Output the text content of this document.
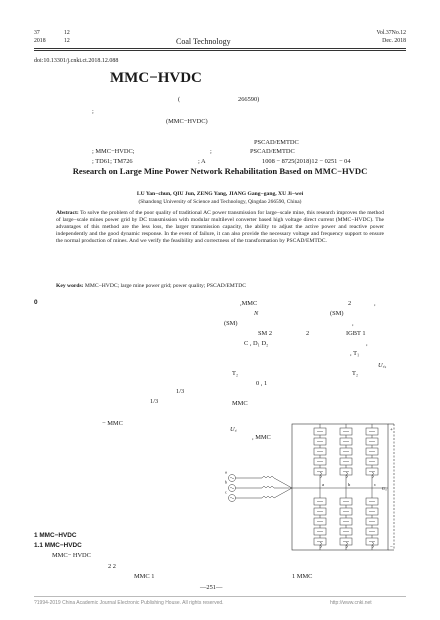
37	12
2018	12	Coal Technology
Vol.37No.12
Dec. 2018
doi:10.13301/j.cnki.ct.2018.12.088
MMC−HVDC
(	266590)
;
(MMC−HVDC)
PSCAD/EMTDC
; MMC−HVDC;	;	PSCAD/EMTDC
; TD61; TM726	; A	1008 − 8725(2018)12 − 0251 − 04

Research on Large Mine Power Network Rehabilitation Based on MMC−HVDC

LU Yan−chun, QIU Jun, ZENG Yang, JIANG Gang−gang, XU Ji−wei
(Shandong University of Science and Technology, Qingdao 266590, China)

Abstract: To solve the problem of the poor quality of traditional AC power transmission for large−scale mine, this research improves the method of large−scale mines power grid by DC transmission with modular multilevel converter based high voltage direct current (MMC−HVDC). The advantages of this method are the less loss, the larger transmission capacity, the ability to adjust the active power and reactive power independently and the good dynamic response. In the event of failure, it can also provide the necessary voltage and frequency support to ensure the normal production of mines. And we verify the feasibility and correctness of the transformation by PSCAD/EMTDC.

Key words: MMC−HVDC; large mine power grid; power quality; PSCAD/EMTDC

0
1/3
1/3
− MMC
1 MMC−HVDC
1.1 MMC−HVDC
MMC− HVDC
2 2
MMC 1
,MMC	2	,
N	(SM)
(SM)	,
SM 2	2	IGBT 1
C , D₁ D₂	,
, T₁
U꜀,
T₂
0 , 1
T₂
MMC
U꜀
, MMC
1 MMC
a	b	c
a
b
c
+
−
U꜀
—251—
?1994-2019 China Academic Journal Electronic Publishing House. All rights reserved.	http://www.cnki.net
